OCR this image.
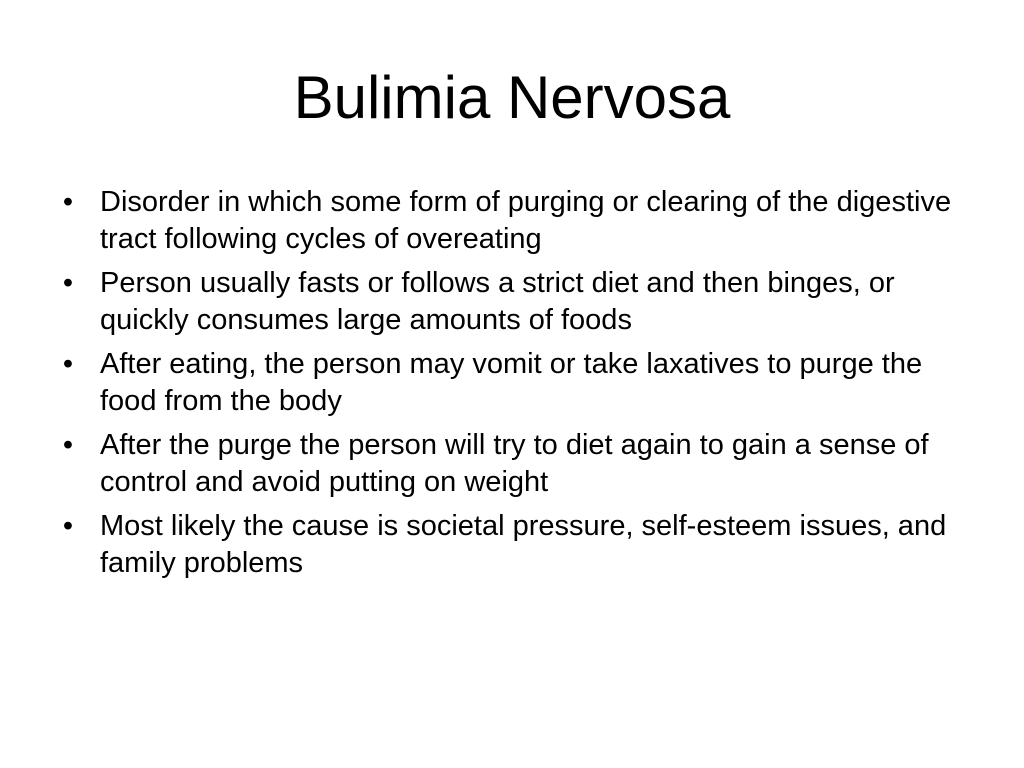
Bulimia Nervosa
• Disorder in which some form of purging or clearing of the digestive tract following cycles of overeating
• Person usually fasts or follows a strict diet and then binges, or quickly consumes large amounts of foods
• After eating, the person may vomit or take laxatives to purge the food from the body
• After the purge the person will try to diet again to gain a sense of control and avoid putting on weight
• Most likely the cause is societal pressure, self-esteem issues, and family problems
